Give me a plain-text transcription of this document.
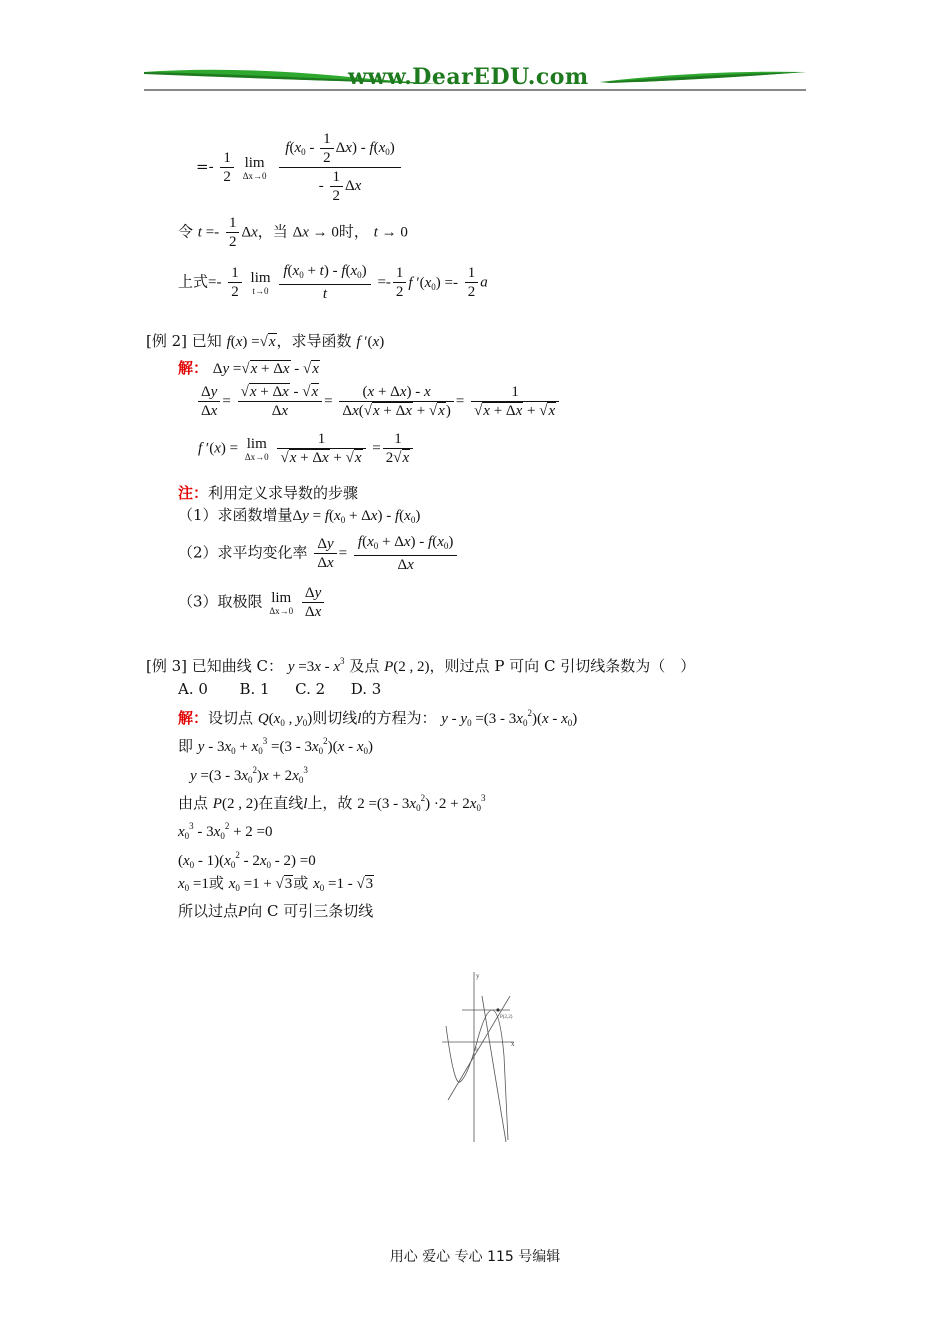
www.DearEDU.com
=- $\frac{1}{2}$
lim
Δx→0
$\frac{f(x_0 - \frac{1}{2} \Delta x) - f(x_0)}{- \frac{1}{2} \Delta x}$
令 $t =- \frac{1}{2}$ Δx，当 Δx → 0时， t → 0
上式=- $\frac{1}{2}$
lim
t→0
$\frac{f(x_0 + t) - f(x_0)}{t} =- \frac{1}{2}$ f $'(x_0) =- \frac{1}{2}$ a
[例 2] 已知 f(x) =√x，求导函数 f ′(x)
解： Δy =√x + Δx - √x
$\frac{\Delta y}{\Delta x} = \frac{√x + \Delta x - √x}{\Delta x} = \frac{(x + \Delta x) - x}{\Delta x(√x + \Delta x + √x)} = \frac{1}{√x + \Delta x + √x}$
f ′(x) = lim
Δx→0
$\frac{1}{√x + \Delta x + √x} = \frac{1}{2√x}$
注：利用定义求导数的步骤
（1）求函数增量$\Delta y = f(x_0 + \Delta x) - f(x_0)$
（2）求平均变化率 $\frac{\Delta y}{\Delta x} = \frac{f(x_0 + \Delta x) - f(x_0)}{\Delta x}$
（3）取极限 lim
Δx→0
$\frac{\Delta y}{\Delta x}$
[例 3] 已知曲线 C： $y =3x - x^3$ 及点 P(2 , 2)，则过点 P 可向 C 引切线条数为（　）
A. 0 B. 1 C. 2 D. 3
解：设切点 $Q(x_0$ , $y_0$)则切线l的方程为： $y - y_0 =(3 - 3x_0^2)(x - x_0)$
即 $y - 3x_0 + x_0^3 =(3 - 3x_0^2)(x - x_0)$
$y =(3 - 3x_0^2)x + 2x_0^3$
由点 P(2 , 2)在直线l上，故 $2 =(3 - 3x_0^2) \cdot 2 + 2x_0^3$
$x_0^3 - 3x_0^2 + 2 =0$
$(x_0 - 1)(x_0^2 - 2x_0 - 2) =0$
$x_0 =1$或 $x_0 =1 + √3$或 $x_0 =1 - √3$
所以过点P向 C 可引三条切线
y
x
P(2,2)
0
用心 爱心 专心 115 号编辑
